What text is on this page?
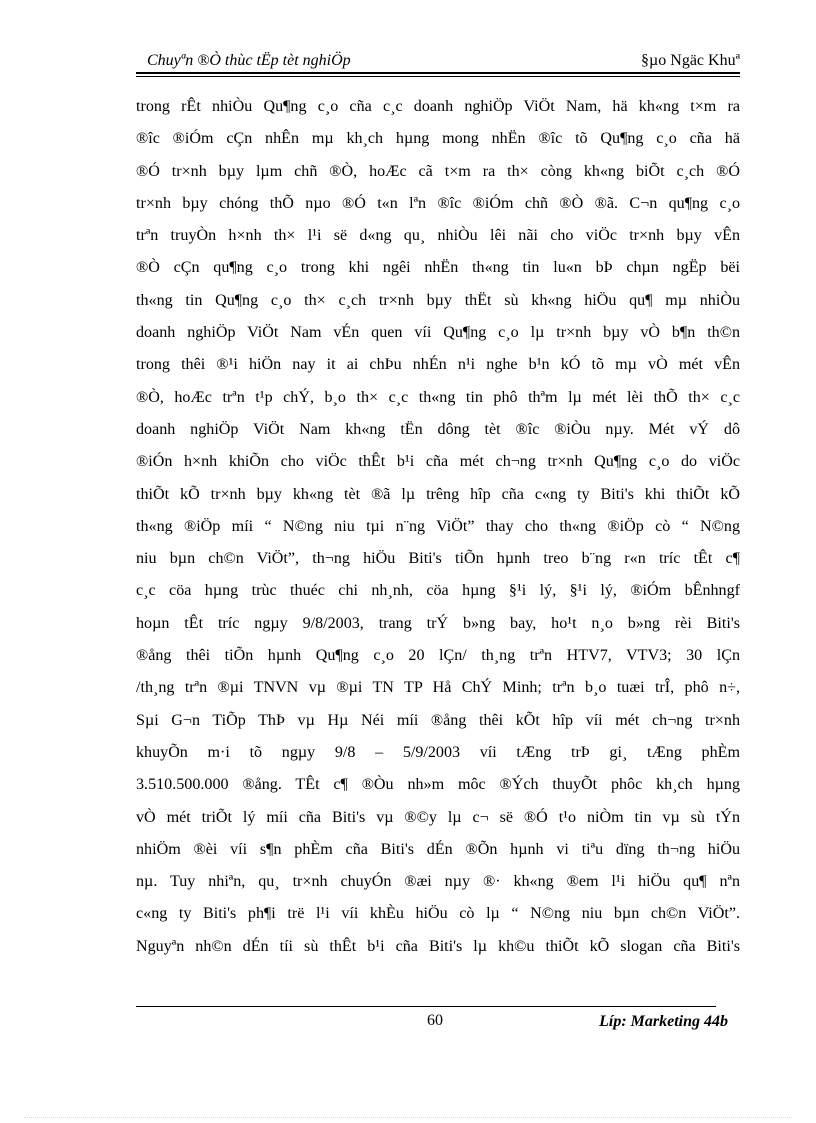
Chuyªn ®Ò thùc tËp tèt nghiÖp	§µo Ngäc Khuª
trong rÊt nhiÒu Qu¶ng c¸o cña c¸c doanh nghiÖp ViÖt Nam, hä kh«ng t×m ra
®îc ®iÓm cÇn nhÊn mµ kh¸ch hµng mong nhËn ®îc tõ Qu¶ng c¸o cña hä
®Ó tr×nh bµy lµm chñ ®Ò, hoÆc cã t×m ra th× còng kh«ng biÕt c¸ch ®Ó
tr×nh bµy chóng thÕ nµo ®Ó t«n lªn ®îc ®iÓm chñ ®Ò ®ã. C¬n qu¶ng c¸o
trªn truyÒn h×nh th× l¹i së d«ng qu¸ nhiÒu lêi nãi cho viÖc tr×nh bµy vÊn
®Ò cÇn qu¶ng c¸o trong khi ngêi nhËn th«ng tin lu«n bÞ chµn ngËp bëi
th«ng tin Qu¶ng c¸o th× c¸ch tr×nh bµy thËt sù kh«ng hiÖu qu¶ mµ nhiÒu
doanh nghiÖp ViÖt Nam vÉn quen víi Qu¶ng c¸o lµ tr×nh bµy vÒ b¶n th©n
trong thêi ®¹i hiÖn nay it ai chÞu nhÉn n¹i nghe b¹n kÓ tõ mµ vÒ mét vÊn
®Ò, hoÆc trªn t¹p chÝ, b¸o th× c¸c th«ng tin phô thªm lµ mét lèi thÕ th× c¸c
doanh nghiÖp ViÖt Nam kh«ng tËn dông tèt ®îc ®iÒu nµy. Mét vÝ dô
®iÓn h×nh khiÕn cho viÖc thÊt b¹i cña mét ch¬ng tr×nh Qu¶ng c¸o do viÖc
thiÕt kÕ tr×nh bµy kh«ng tèt ®ã lµ trêng hîp cña c«ng ty Biti's khi thiÕt kÕ
th«ng ®iÖp míi “ N©ng niu tµi n¨ng ViÖt” thay cho th«ng ®iÖp cò “ N©ng
niu bµn ch©n ViÖt”, th¬ng hiÖu Biti's tiÕn hµnh treo b¨ng r«n tríc tÊt c¶
c¸c cöa hµng trùc thuéc chi nh¸nh, cöa hµng §¹i lý, §¹i lý, ®iÓm bÊnhngf
hoµn tÊt tríc ngµy 9/8/2003, trang trÝ b»ng bay, ho¹t n¸o b»ng rèi Biti's
®ång thêi tiÕn hµnh Qu¶ng c¸o 20 lÇn/ th¸ng trªn HTV7, VTV3; 30 lÇn
/th¸ng trªn ®µi TNVN vµ ®µi TN TP Hå ChÝ Minh; trªn b¸o tuæi trÎ, phô n÷,
Sµi G¬n TiÕp ThÞ vµ Hµ Néi míi ®ång thêi kÕt hîp víi mét ch¬ng tr×nh
khuyÕn m·i tõ ngµy 9/8 – 5/9/2003 víi tÆng trÞ gi¸ tÆng phÈm
3.510.500.000 ®ång. TÊt c¶ ®Òu nh»m môc ®Ých thuyÕt phôc kh¸ch hµng
vÒ mét triÕt lý míi cña Biti's vµ ®©y lµ c¬ së ®Ó t¹o niÒm tin vµ sù tÝn
nhiÖm ®èi víi s¶n phÈm cña Biti's dÉn ®Õn hµnh vi tiªu dïng th¬ng hiÖu
nµ. Tuy nhiªn, qu¸ tr×nh chuyÓn ®æi nµy ®· kh«ng ®em l¹i hiÖu qu¶ nªn
c«ng ty Biti's ph¶i trë l¹i víi khÈu hiÖu cò lµ “ N©ng niu bµn ch©n ViÖt”.
Nguyªn nh©n dÉn tíi sù thÊt b¹i cña Biti's lµ kh©u thiÕt kÕ slogan cña Biti's
60	Líp: Marketing 44b
